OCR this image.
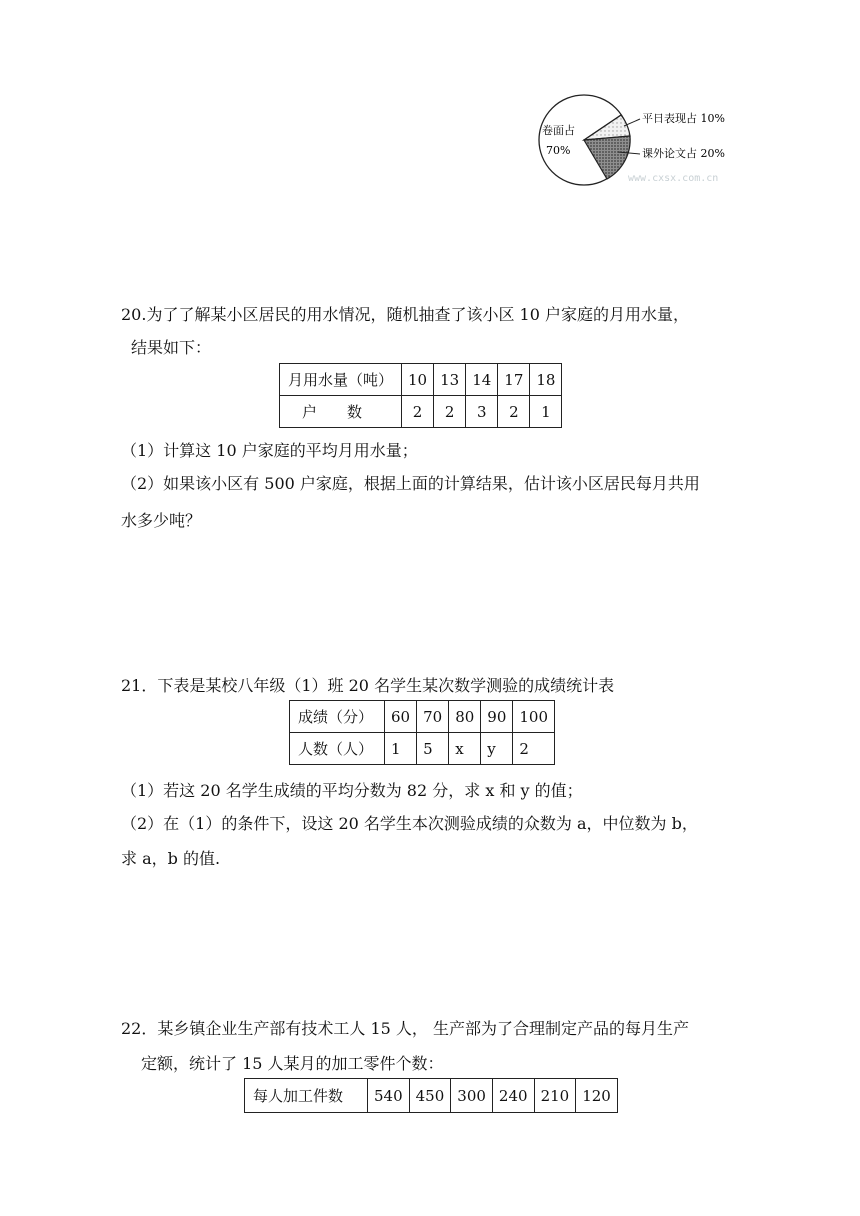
卷面占
70%
平日表现占 10%
课外论文占 20%
www.cxsx.com.cn
20.为了了解某小区居民的用水情况，随机抽查了该小区 10 户家庭的月用水量，
结果如下：
月用水量（吨）	10	13	14	17	18
户　　数	2	2	3	2	1
（1）计算这 10 户家庭的平均月用水量；
（2）如果该小区有 500 户家庭，根据上面的计算结果，估计该小区居民每月共用
水多少吨？
21．下表是某校八年级（1）班 20 名学生某次数学测验的成绩统计表
成绩（分）	60	70	80	90	100
人数（人）	1	5	x	y	2
（1）若这 20 名学生成绩的平均分数为 82 分，求 x 和 y 的值；
（2）在（1）的条件下，设这 20 名学生本次测验成绩的众数为 a，中位数为 b，
求 a，b 的值.
22．某乡镇企业生产部有技术工人 15 人， 生产部为了合理制定产品的每月生产
定额，统计了 15 人某月的加工零件个数：
每人加工件数	540	450	300	240	210	120
